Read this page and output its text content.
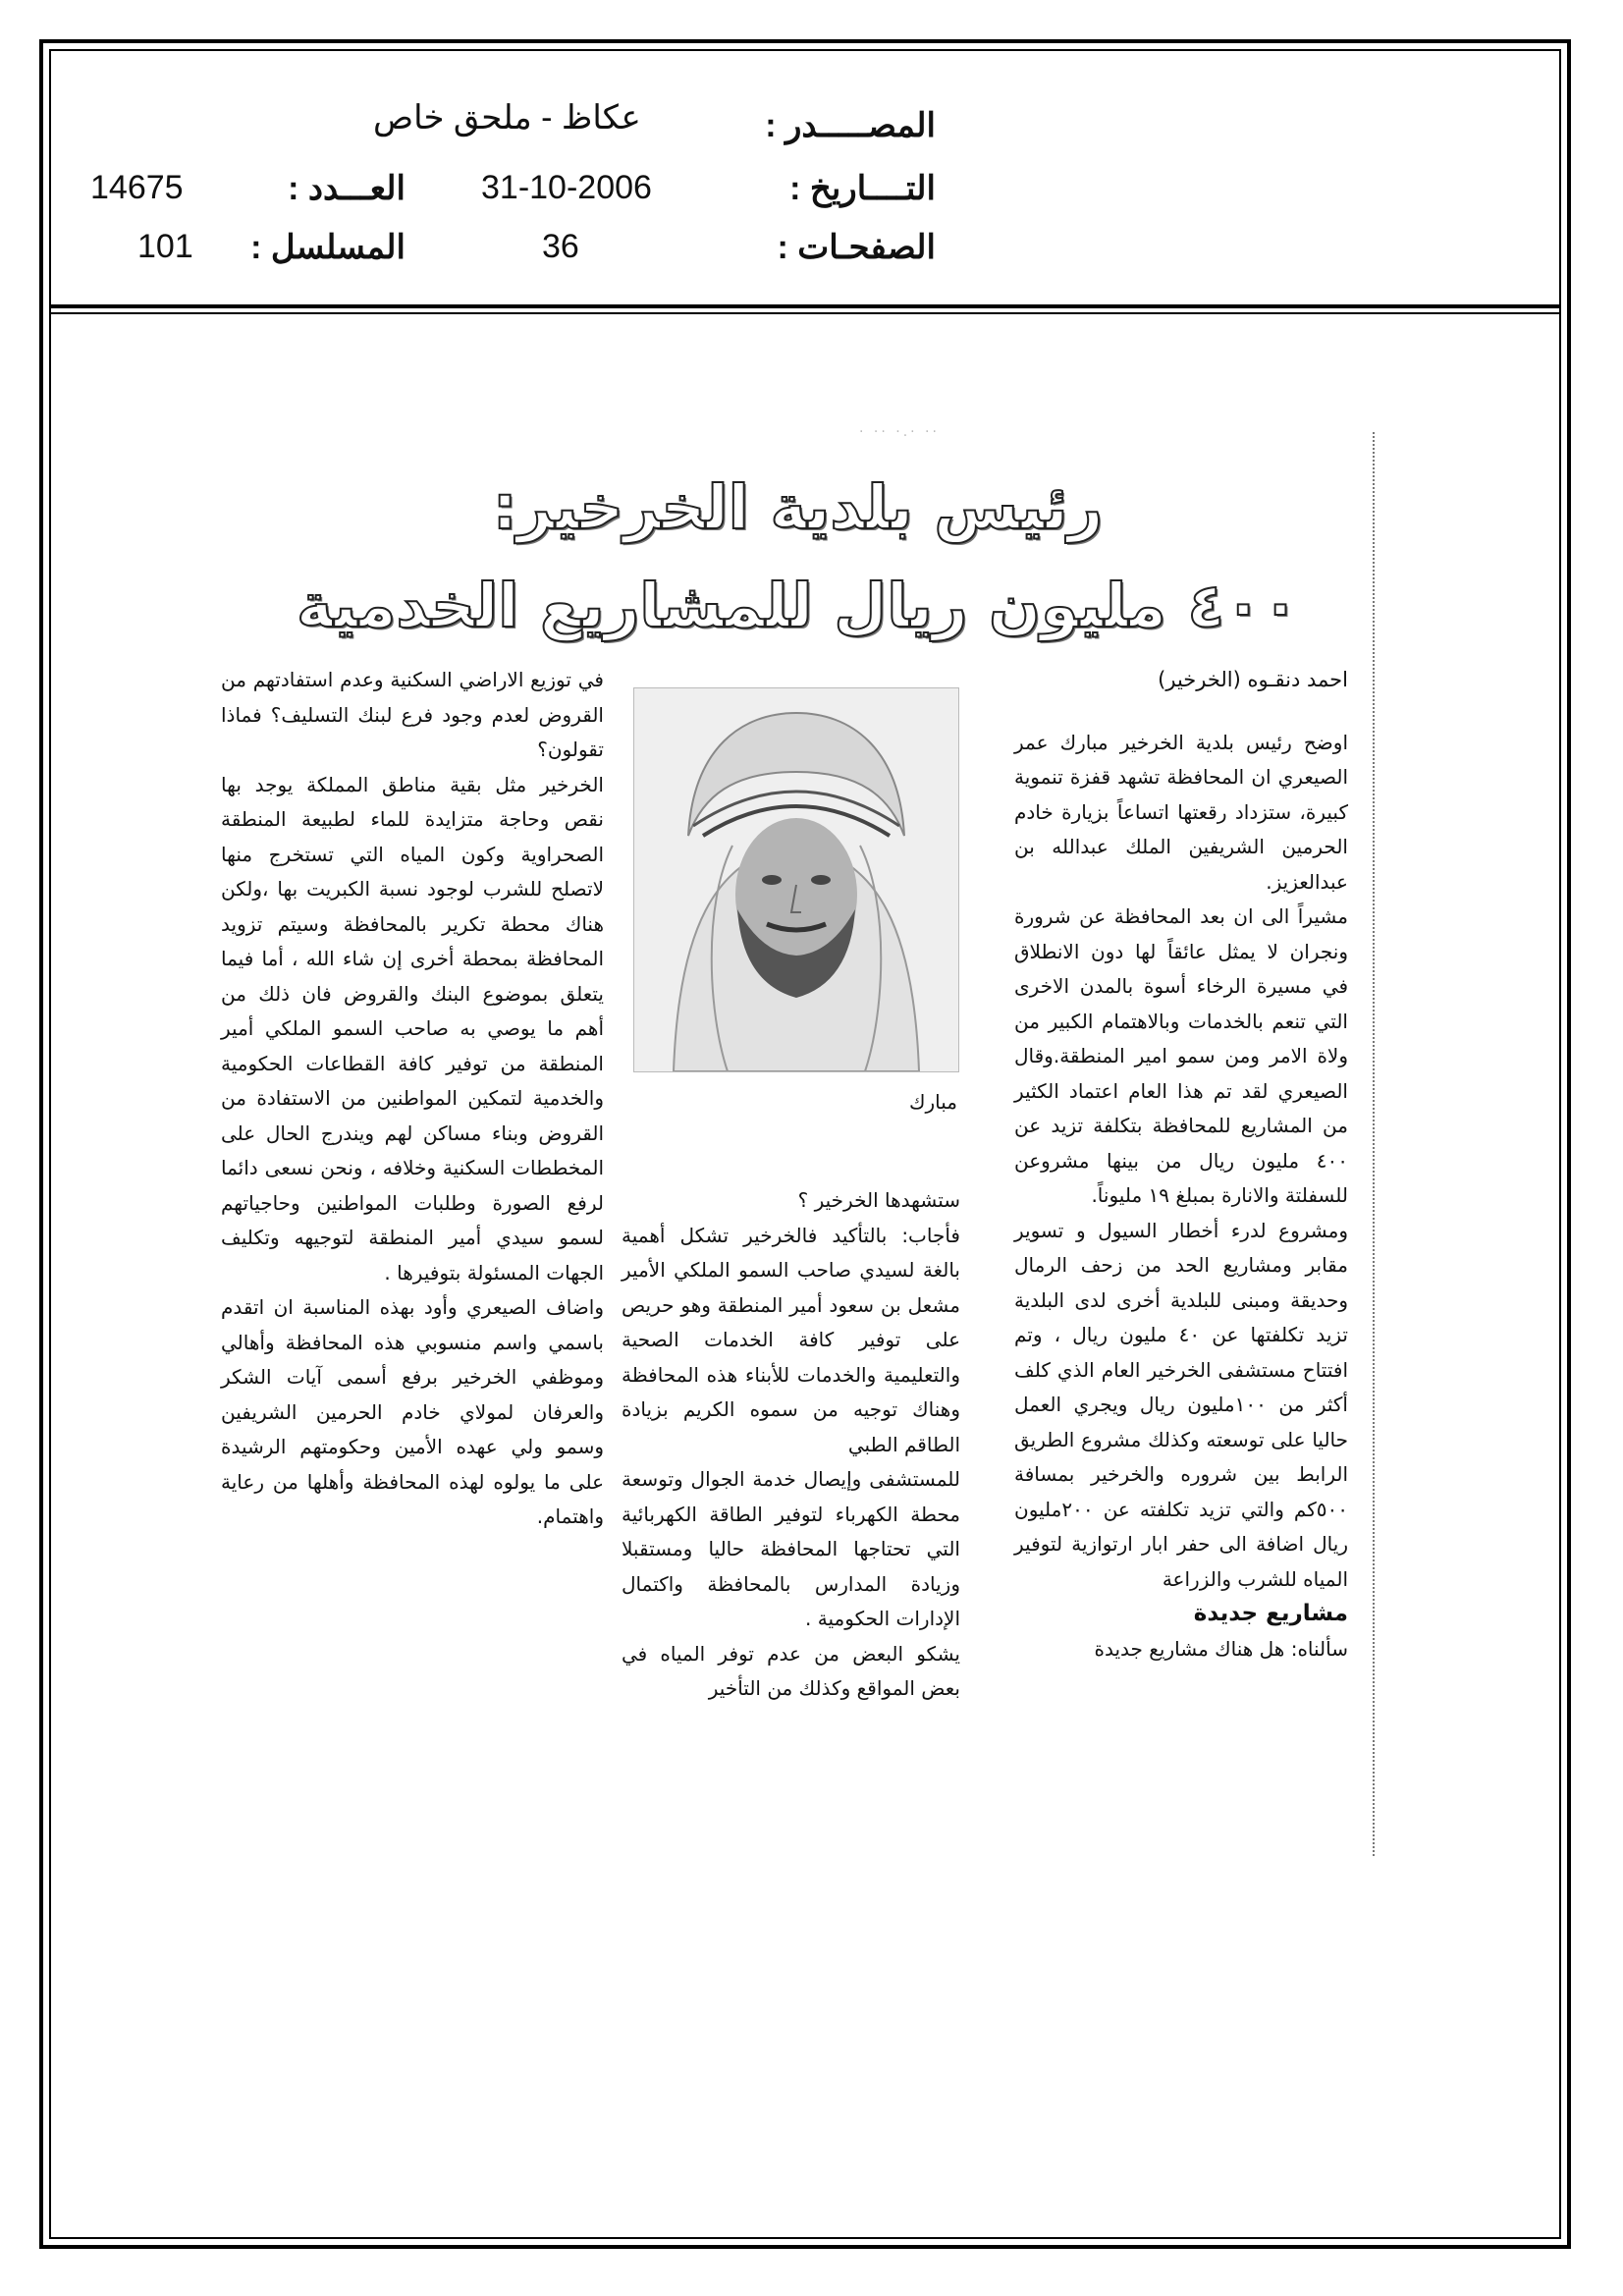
المصـــــدر :
عكاظ - ملحق خاص
التــــاريخ :
31-10-2006
العـــدد :
14675
الصفحـات :
36
المسلسل :
101
· ·· ·.· ··
رئيس بلدية الخرخير:
٤٠٠ مليون ريال للمشاريع الخدمية

احمد دنقـوه (الخرخير)

اوضح رئيس بلدية الخرخير مبارك عمر الصيعري ان المحافظة تشهد قفزة تنموية كبيرة، ستزداد رقعتها اتساعاً بزيارة خادم الحرمين الشريفين الملك عبدالله بن عبدالعزيز.

مشيراً الى ان بعد المحافظة عن شرورة ونجران لا يمثل عائقاً لها دون الانطلاق في مسيرة الرخاء أسوة بالمدن الاخرى التي تنعم بالخدمات وبالاهتمام الكبير من ولاة الامر ومن سمو امير المنطقة.وقال الصيعري لقد تم هذا العام اعتماد الكثير من المشاريع للمحافظة بتكلفة تزيد عن ٤٠٠ مليون ريال من بينها مشروعن للسفلتة والانارة بمبلغ ١٩ مليوناً.

ومشروع لدرء أخطار السيول و تسوير مقابر ومشاريع الحد من زحف الرمال وحديقة ومبنى للبلدية أخرى لدى البلدية تزيد تكلفتها عن ٤٠ مليون ريال ، وتم افتتاح مستشفى الخرخير العام الذي كلف أكثر من ١٠٠مليون ريال ويجري العمل حاليا على توسعته وكذلك مشروع الطريق الرابط بين شروره والخرخير بمسافة ٥٠٠كم والتي تزيد تكلفته عن ٢٠٠مليون ريال اضافة الى حفر ابار ارتوازية لتوفير المياه للشرب والزراعة

مشاريع جديدة

سألناه: هل هناك مشاريع جديدة

مبارك

ستشهدها الخرخير ؟

فأجاب: بالتأكيد فالخرخير تشكل أهمية بالغة لسيدي صاحب السمو الملكي الأمير مشعل بن سعود أمير المنطقة وهو حريص على توفير كافة الخدمات الصحية والتعليمية والخدمات للأبناء هذه المحافظة وهناك توجيه من سموه الكريم بزيادة الطاقم الطبي

للمستشفى وإيصال خدمة الجوال وتوسعة محطة الكهرباء لتوفير الطاقة الكهربائية التي تحتاجها المحافظة حاليا ومستقبلا وزيادة المدارس بالمحافظة واكتمال الإدارات الحكومية .

يشكو البعض من عدم توفر المياه في بعض المواقع وكذلك من التأخير

في توزيع الاراضي السكنية وعدم استفادتهم من القروض لعدم وجود فرع لبنك التسليف؟ فماذا تقولون؟

الخرخير مثل بقية مناطق المملكة يوجد بها نقص وحاجة متزايدة للماء لطبيعة المنطقة الصحراوية وكون المياه التي تستخرج منها لاتصلح للشرب لوجود نسبة الكبريت بها ،ولكن هناك محطة تكرير بالمحافظة وسيتم تزويد المحافظة بمحطة أخرى إن شاء الله ، أما فيما يتعلق بموضوع البنك والقروض فان ذلك من أهم ما يوصي به صاحب السمو الملكي أمير المنطقة من توفير كافة القطاعات الحكومية والخدمية لتمكين المواطنين من الاستفادة من القروض وبناء مساكن لهم ويندرج الحال على المخططات السكنية وخلافه ، ونحن نسعى دائما لرفع الصورة وطلبات المواطنين وحاجياتهم لسمو سيدي أمير المنطقة لتوجيهه وتكليف الجهات المسئولة بتوفيرها .

واضاف الصيعري وأود بهذه المناسبة ان اتقدم باسمي واسم منسوبي هذه المحافظة وأهالي وموظفي الخرخير برفع أسمى آيات الشكر والعرفان لمولاي خادم الحرمين الشريفين وسمو ولي عهده الأمين وحكومتهم الرشيدة على ما يولوه لهذه المحافظة وأهلها من رعاية واهتمام.
